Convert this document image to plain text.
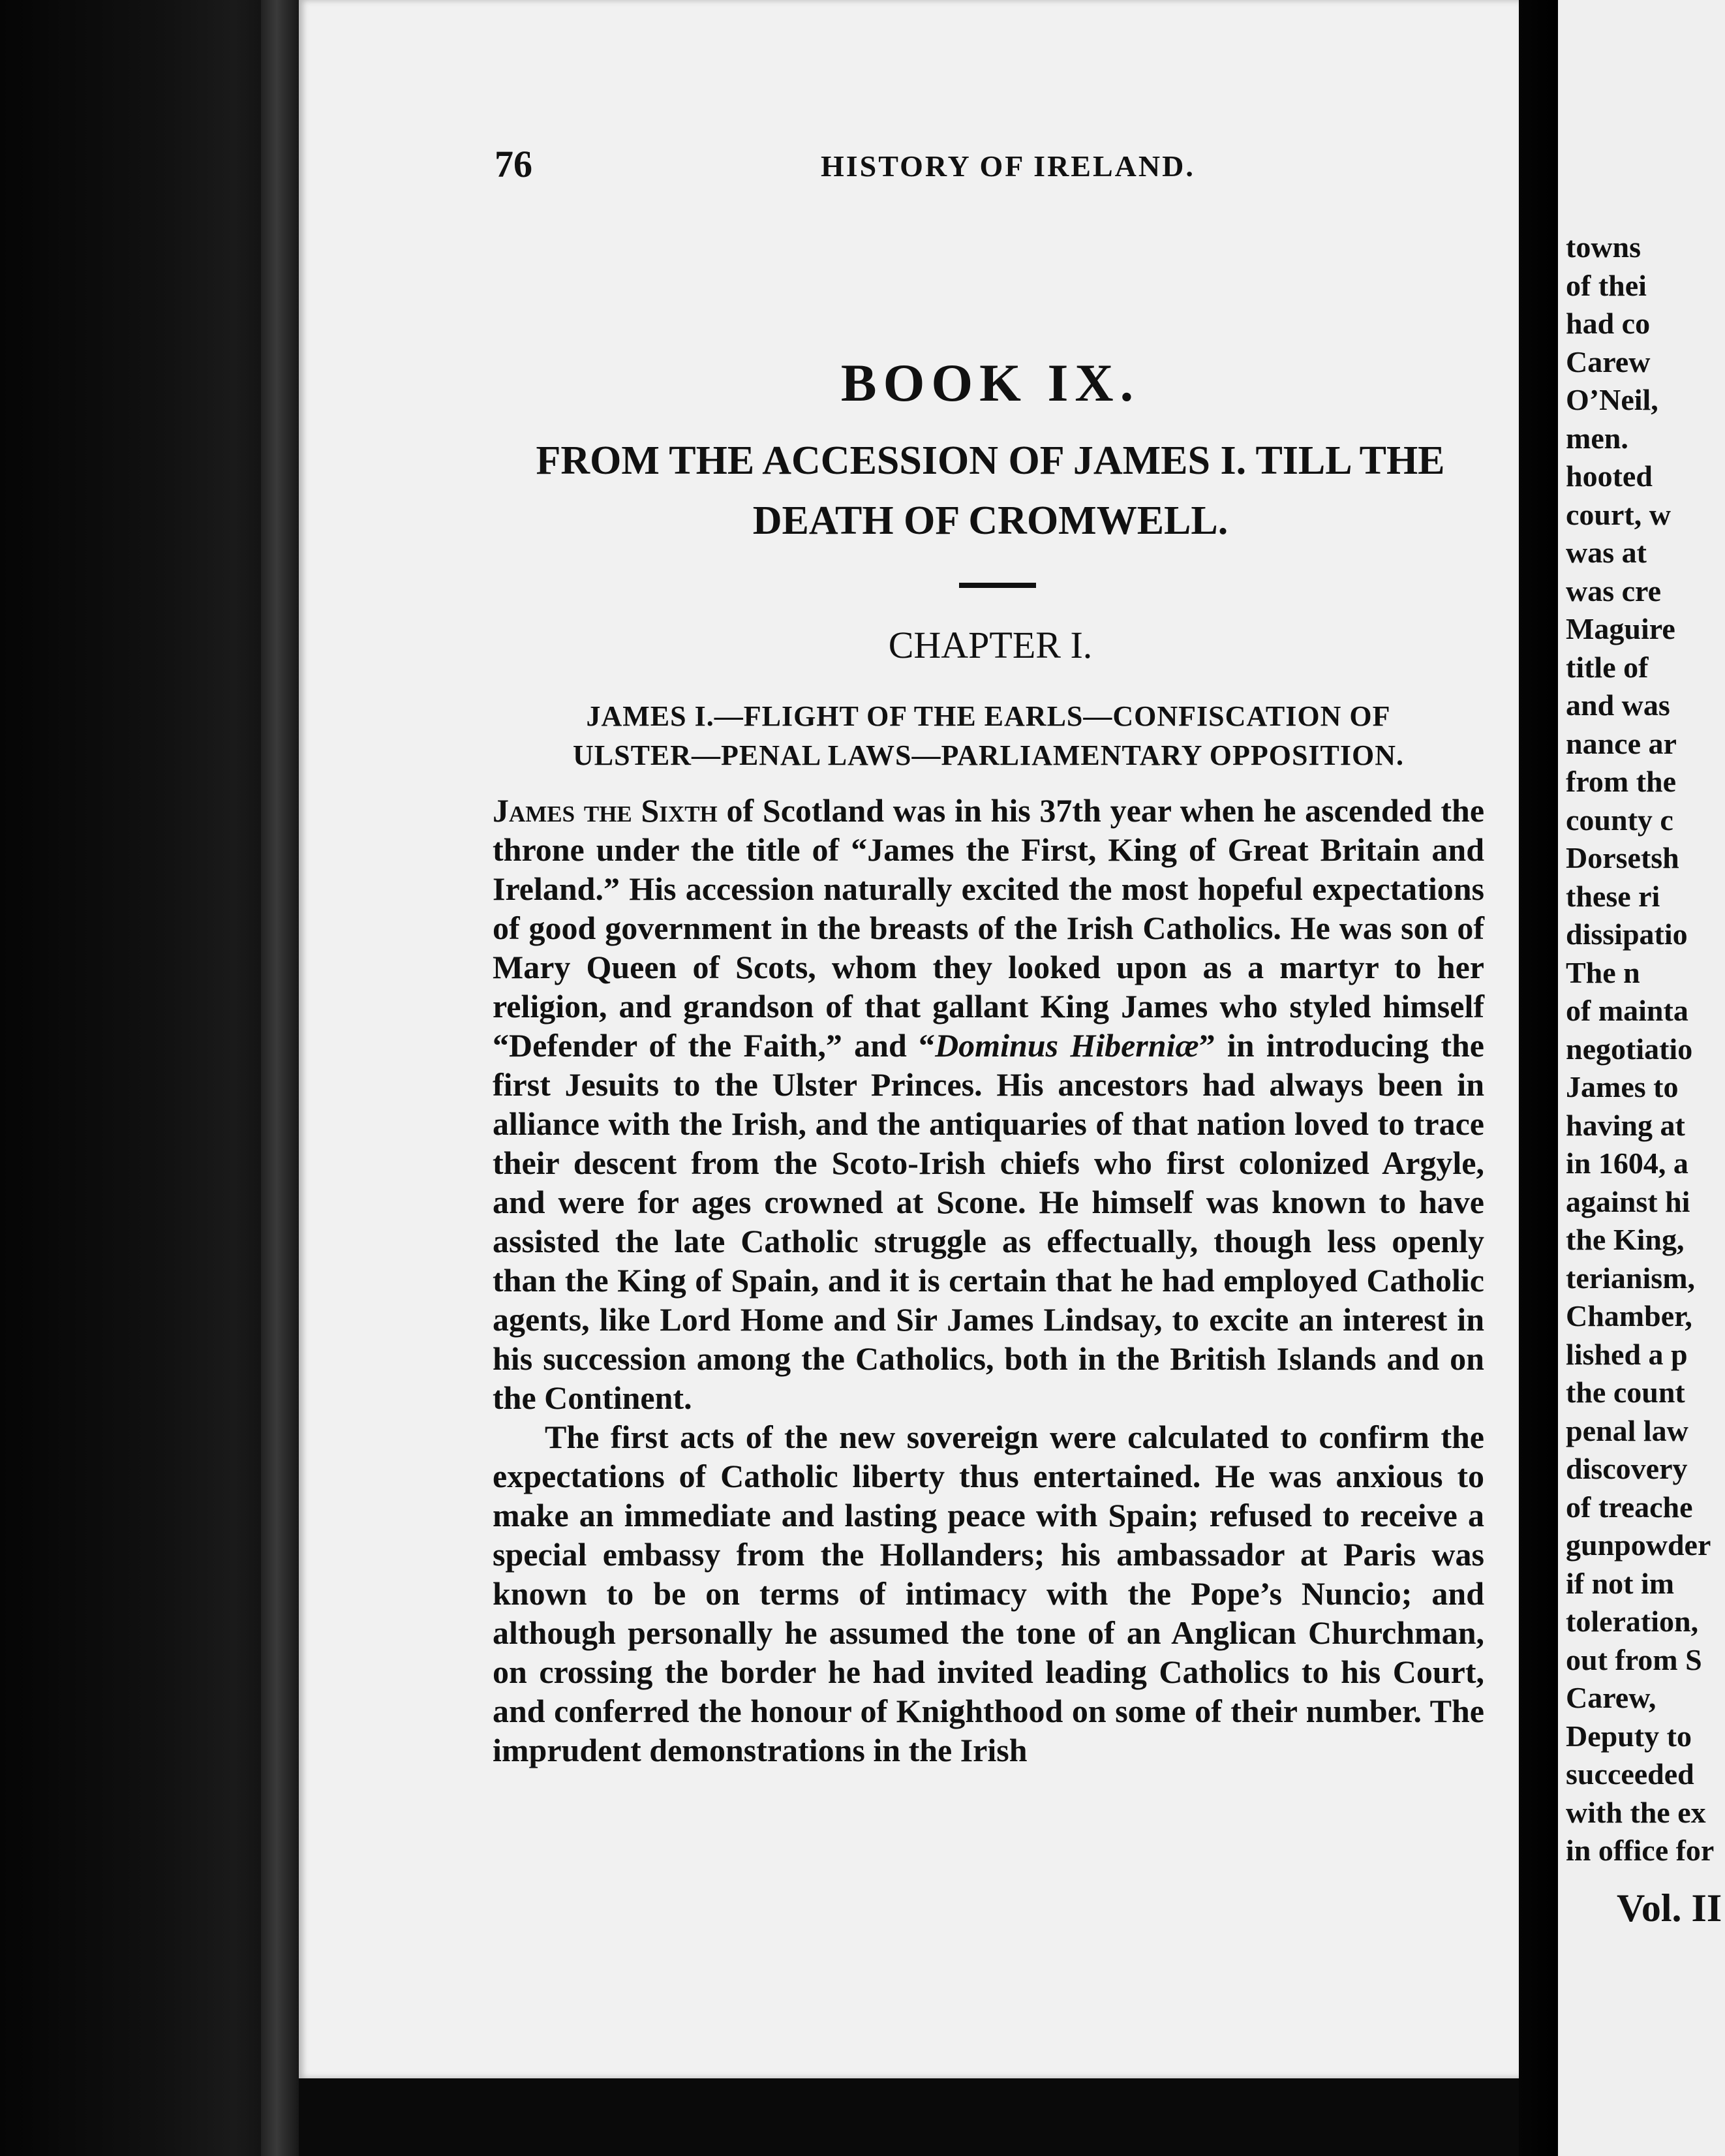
76	HISTORY OF IRELAND.
BOOK IX.
FROM THE ACCESSION OF JAMES I. TILL THE
DEATH OF CROMWELL.
CHAPTER I.
JAMES I.—FLIGHT OF THE EARLS—CONFISCATION OF
ULSTER—PENAL LAWS—PARLIAMENTARY OPPOSITION.

James the Sixth of Scotland was in his 37th year when he ascended the throne under the title of “James the First, King of Great Britain and Ireland.” His accession naturally excited the most hopeful expectations of good government in the breasts of the Irish Catholics. He was son of Mary Queen of Scots, whom they looked upon as a martyr to her religion, and grandson of that gallant King James who styled himself “Defender of the Faith,” and “Dominus Hiberniæ” in introducing the first Jesuits to the Ulster Princes. His ancestors had always been in alliance with the Irish, and the antiquaries of that nation loved to trace their descent from the Scoto-Irish chiefs who first colonized Argyle, and were for ages crowned at Scone. He himself was known to have assisted the late Catholic struggle as effectually, though less openly than the King of Spain, and it is certain that he had employed Catholic agents, like Lord Home and Sir James Lindsay, to excite an interest in his succession among the Catholics, both in the British Islands and on the Continent.

The first acts of the new sovereign were calculated to confirm the expectations of Catholic liberty thus entertained. He was anxious to make an immediate and lasting peace with Spain; refused to receive a special embassy from the Hollanders; his ambassador at Paris was known to be on terms of intimacy with the Pope’s Nuncio; and although personally he assumed the tone of an Anglican Churchman, on crossing the border he had invited leading Catholics to his Court, and conferred the honour of Knighthood on some of their number. The imprudent demonstrations in the Irish

towns
of thei
had co
Carew
O’Neil,
men.
hooted
court, w
was at
was cre
Maguire
title of
and was
nance ar
from the
county c
Dorsetsh
these ri
dissipatio
The n
of mainta
negotiatio
James to
having at
in 1604, a
against hi
the King,
terianism,
Chamber,
lished a p
the count
penal law
discovery
of treache
gunpowder
if not im
toleration,
out from S
Carew,
Deputy to
succeeded
with the ex
in office for
Vol. II
